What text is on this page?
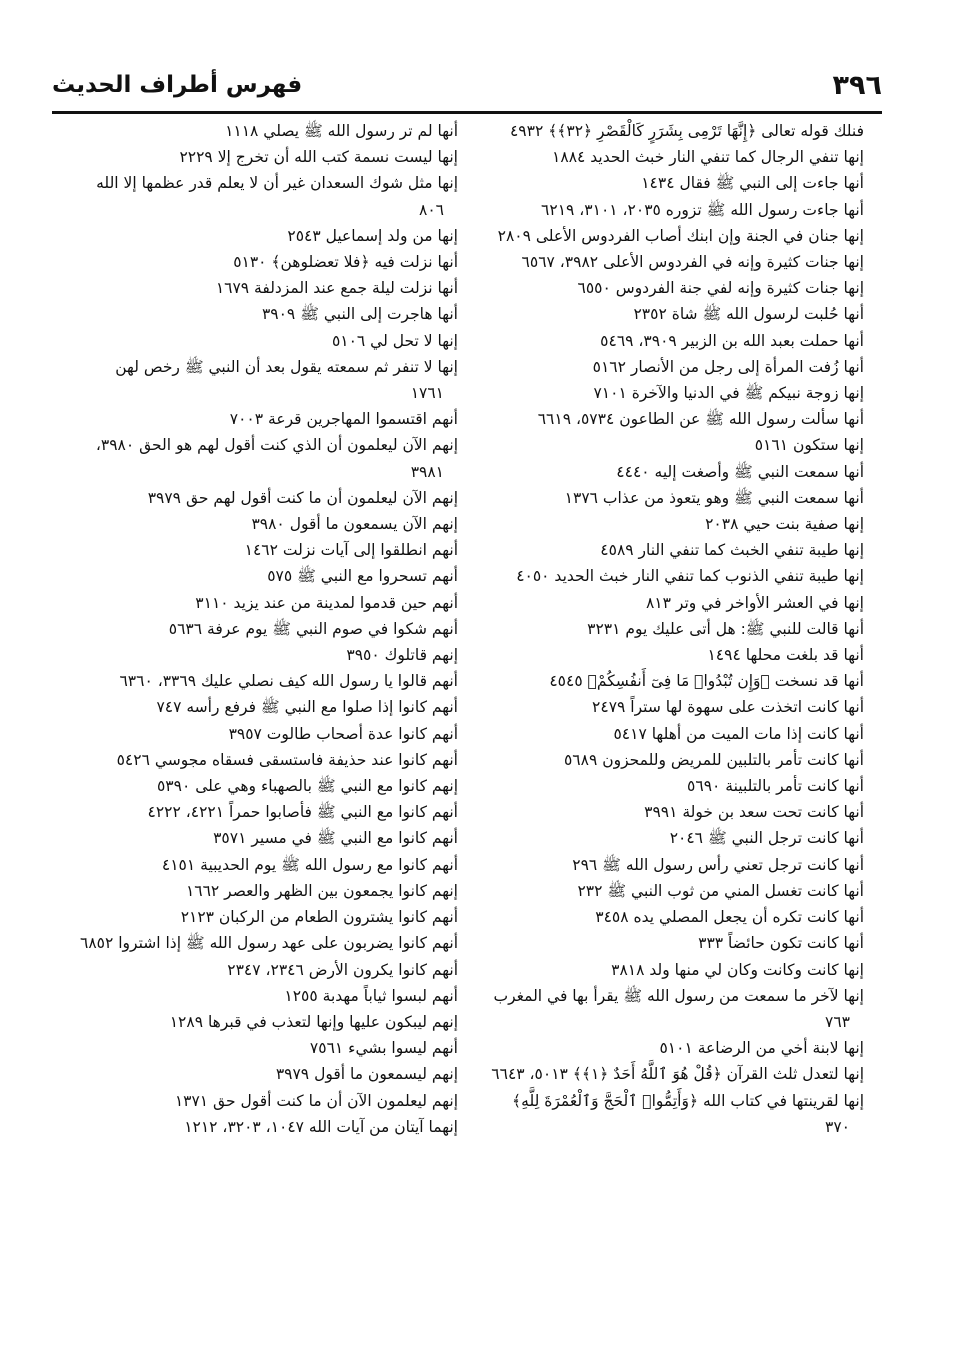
٣٩٦
فهرس أطراف الحديث

فنلك قوله تعالى ﴿إِنَّهَا تَرْمِى بِشَرَرٍ كَالْقَصْرِ ﴿٣٢﴾﴾ ٤٩٣٢

إنها تنفي الرجال كما تنفي النار خبث الحديد ١٨٨٤

أنها جاءت إلى النبي ﷺ فقال ١٤٣٤

أنها جاءت رسول الله ﷺ تزوره ٢٠٣٥، ٣١٠١، ٦٢١٩

إنها جنان في الجنة وإن ابنك أصاب الفردوس الأعلى ٢٨٠٩

إنها جنات كثيرة وإنه في الفردوس الأعلى ٣٩٨٢، ٦٥٦٧

إنها جنات كثيرة وإنه لفي جنة الفردوس ٦٥٥٠

أنها حُلبت لرسول الله ﷺ شاة ٢٣٥٢

أنها حملت بعبد الله بن الزبير ٣٩٠٩، ٥٤٦٩

أنها زُفت المرأة إلى رجل من الأنصار ٥١٦٢

إنها زوجة نبيكم ﷺ في الدنيا والآخرة ٧١٠١

أنها سألت رسول الله ﷺ عن الطاعون ٥٧٣٤، ٦٦١٩

إنها ستكون ٥١٦١

أنها سمعت النبي ﷺ وأصغت إليه ٤٤٤٠

أنها سمعت النبي ﷺ وهو يتعوذ من عذاب ١٣٧٦

إنها صفية بنت حيي ٢٠٣٨

إنها طيبة تنفي الخبث كما تنفي النار ٤٥٨٩

إنها طيبة تنفي الذنوب كما تنفي النار خبث الحديد ٤٠٥٠

إنها في العشر الأواخر في وتر ٨١٣

أنها قالت للنبي ﷺ: هل أتى عليك يوم ٣٢٣١

أنها قد بلغت محلها ١٤٩٤

أنها قد نسخت ﴿وَإِن تُبْدُوا۟ مَا فِىٓ أَنفُسِكُمْ﴾ ٤٥٤٥

أنها كانت اتخذت على سهوة لها ستراً ٢٤٧٩

أنها كانت إذا مات الميت من أهلها ٥٤١٧

أنها كانت تأمر بالتلبين للمريض وللمحزون ٥٦٨٩

أنها كانت تأمر بالتلبينة ٥٦٩٠

أنها كانت تحت سعد بن خولة ٣٩٩١

أنها كانت ترجل النبي ﷺ ٢٠٤٦

أنها كانت ترجل تعني رأس رسول الله ﷺ ٢٩٦

أنها كانت تغسل المني من ثوب النبي ﷺ ٢٣٢

أنها كانت تكره أن يجعل المصلي يده ٣٤٥٨

أنها كانت تكون حائضاً ٣٣٣

إنها كانت وكانت وكان لي منها ولد ٣٨١٨

إنها لآخر ما سمعت من رسول الله ﷺ يقرأ بها في المغرب ٧٦٣

إنها لابنة أخي من الرضاعة ٥١٠١

إنها لتعدل ثلث القرآن ﴿قُلْ هُوَ ٱللَّهُ أَحَدٌ ﴿١﴾﴾ ٥٠١٣، ٦٦٤٣

إنها لقرينتها في كتاب الله ﴿وَأَتِمُّوا۟ ٱلْحَجَّ وَٱلْعُمْرَةَ لِلَّهِ﴾ ٣٧٠

أنها لم تر رسول الله ﷺ يصلي ١١١٨

إنها ليست نسمة كتب الله أن تخرج إلا ٢٢٢٩

إنها مثل شوك السعدان غير أن لا يعلم قدر عظمها إلا الله ٨٠٦

إنها من ولد إسماعيل ٢٥٤٣

أنها نزلت فيه ﴿فلا تعضلوهن﴾ ٥١٣٠

أنها نزلت ليلة جمع عند المزدلفة ١٦٧٩

أنها هاجرت إلى النبي ﷺ ٣٩٠٩

إنها لا تحل لي ٥١٠٦

إنها لا تنفر ثم سمعته يقول بعد أن النبي ﷺ رخص لهن ١٧٦١

أنهم اقتسموا المهاجرين قرعة ٧٠٠٣

إنهم الآن ليعلمون أن الذي كنت أقول لهم هو الحق ٣٩٨٠، ٣٩٨١

إنهم الآن ليعلمون أن ما كنت أقول لهم حق ٣٩٧٩

إنهم الآن يسمعون ما أقول ٣٩٨٠

أنهم انطلقوا إلى آيات نزلت ١٤٦٢

أنهم تسحروا مع النبي ﷺ ٥٧٥

أنهم حين قدموا لمدينة من عند يزيد ٣١١٠

أنهم شكوا في صوم النبي ﷺ يوم عرفة ٥٦٣٦

إنهم قاتلوك ٣٩٥٠

أنهم قالوا يا رسول الله كيف نصلي عليك ٣٣٦٩، ٦٣٦٠

أنهم كانوا إذا صلوا مع النبي ﷺ فرفع رأسه ٧٤٧

أنهم كانوا عدة أصحاب طالوت ٣٩٥٧

أنهم كانوا عند حذيفة فاستسقى فسقاه مجوسي ٥٤٢٦

إنهم كانوا مع النبي ﷺ بالصهباء وهي على ٥٣٩٠

أنهم كانوا مع النبي ﷺ فأصابوا حمراً ٤٢٢١، ٤٢٢٢

أنهم كانوا مع النبي ﷺ في مسير ٣٥٧١

أنهم كانوا مع رسول الله ﷺ يوم الحديبية ٤١٥١

إنهم كانوا يجمعون بين الظهر والعصر ١٦٦٢

أنهم كانوا يشترون الطعام من الركبان ٢١٢٣

أنهم كانوا يضربون على عهد رسول الله ﷺ إذا اشتروا ٦٨٥٢

أنهم كانوا يكرون الأرض ٢٣٤٦، ٢٣٤٧

أنهم لبسوا ثياباً مهدبة ١٢٥٥

إنهم ليبكون عليها وإنها لتعذب في قبرها ١٢٨٩

أنهم ليسوا بشيء ٧٥٦١

إنهم ليسمعون ما أقول ٣٩٧٩

إنهم ليعلمون الآن أن ما كنت أقول حق ١٣٧١

إنهما آيتان من آيات الله ١٠٤٧، ٣٢٠٣، ١٢١٢
